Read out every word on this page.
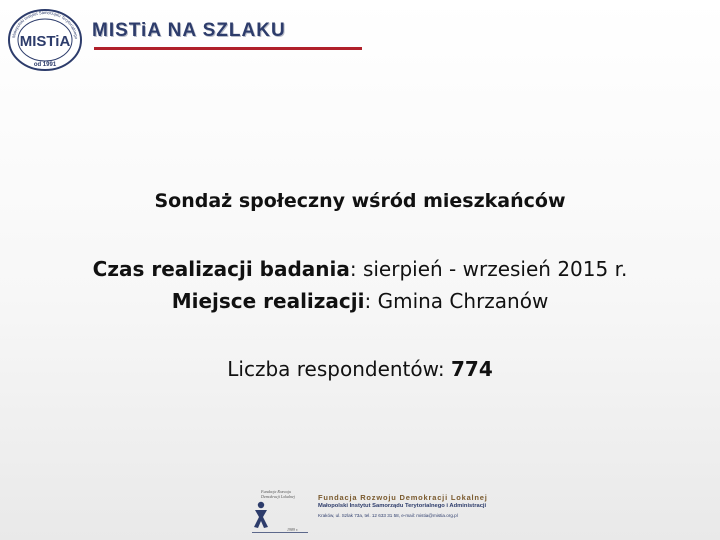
Małopolski Instytut Samorządu Terytorialnego
MISTiA
od 1991
MISTiA NA SZLAKU
Sondaż społeczny wśród mieszkańców
Czas realizacji badania: sierpień - wrzesień 2015 r.
Miejsce realizacji: Gmina Chrzanów
Liczba respondentów: 774
Fundacja Rozwoju
Demokracji Lokalnej
1989 r.
Fundacja Rozwoju Demokracji Lokalnej
Małopolski Instytut Samorządu Terytorialnego i Administracji
Kraków, ul. Szlak 73a, tel. 12 633 31 58, e-mail: mistia@mistia.org.pl
